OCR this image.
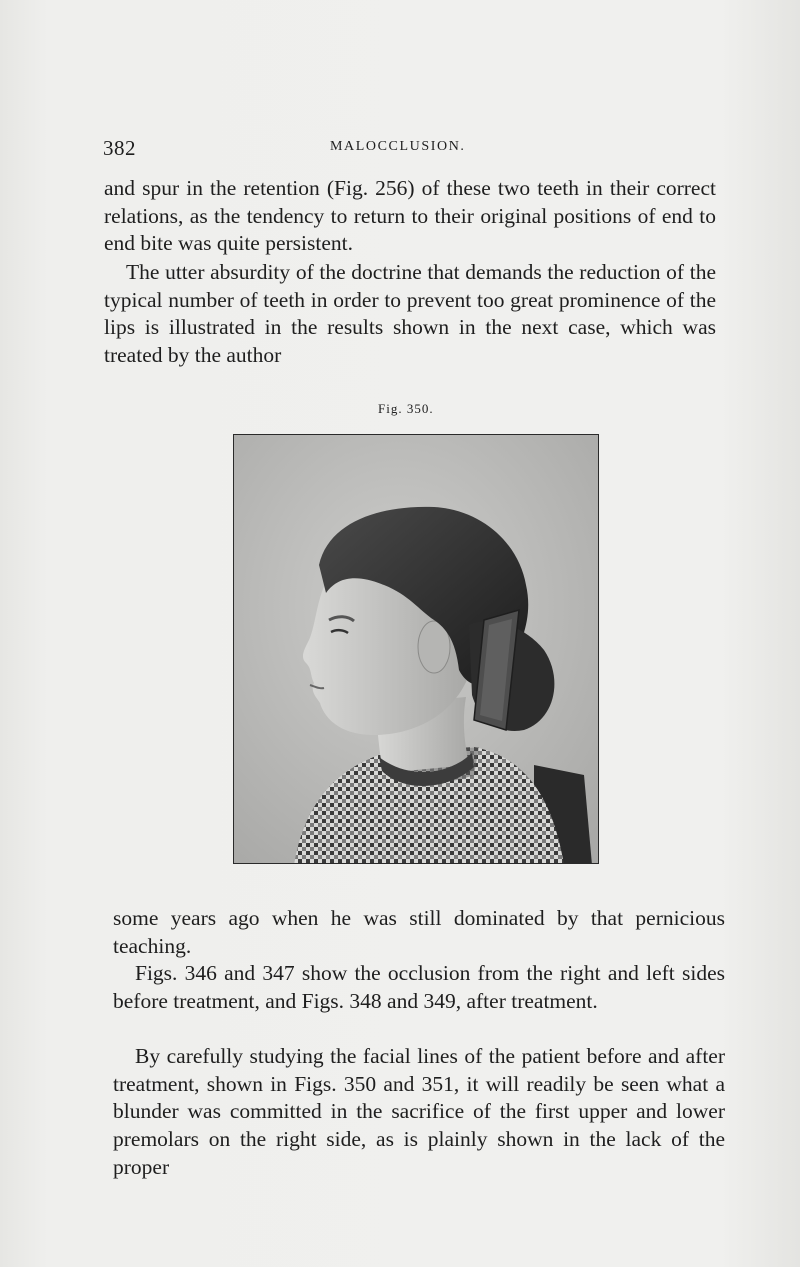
382	MALOCCLUSION.

and spur in the retention (Fig. 256) of these two teeth in their correct relations, as the tendency to return to their original positions of end to end bite was quite persistent.

The utter absurdity of the doctrine that demands the reduction of the typical number of teeth in order to prevent too great prominence of the lips is illustrated in the results shown in the next case, which was treated by the author

Fig. 350.

some years ago when he was still dominated by that pernicious teaching.

Figs. 346 and 347 show the occlusion from the right and left sides before treatment, and Figs. 348 and 349, after treatment.

By carefully studying the facial lines of the patient before and after treatment, shown in Figs. 350 and 351, it will readily be seen what a blunder was committed in the sacrifice of the first upper and lower premolars on the right side, as is plainly shown in the lack of the proper
